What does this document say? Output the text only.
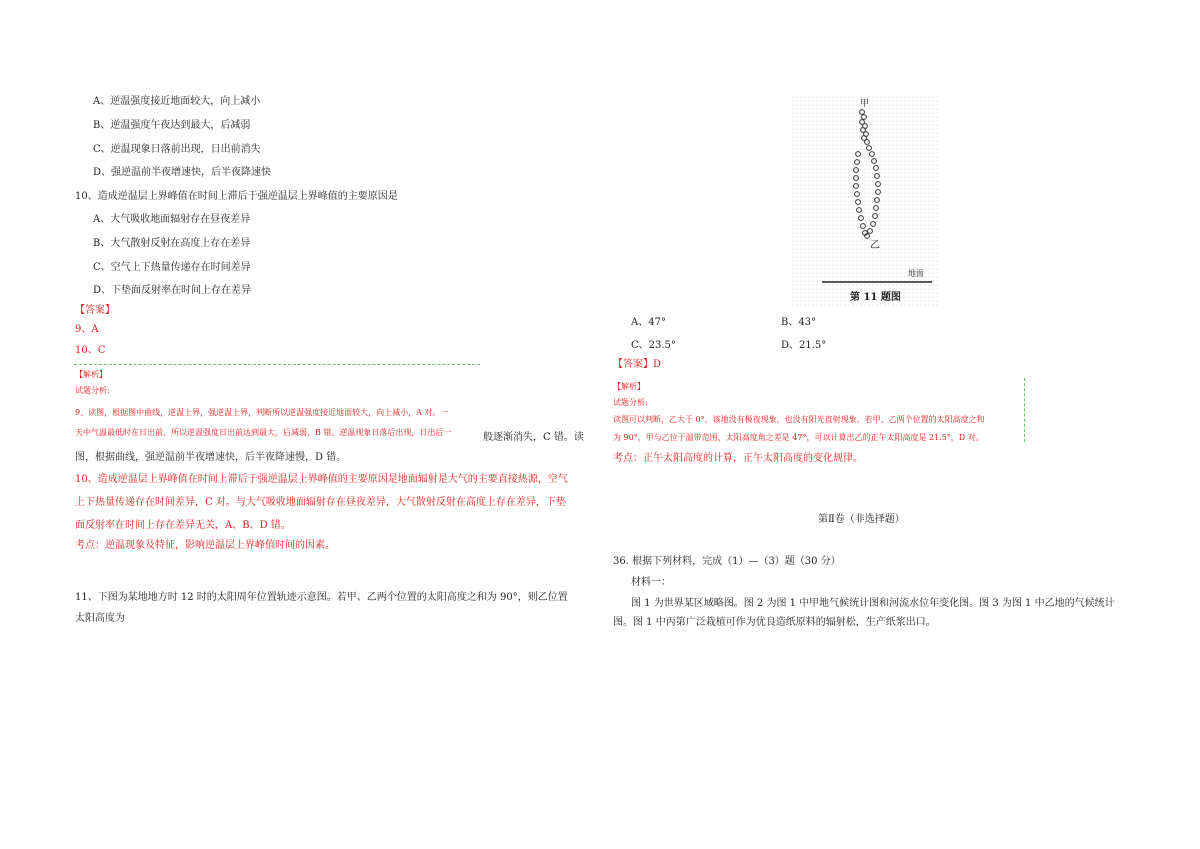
A、逆温强度接近地面较大，向上减小
B、逆温强度午夜达到最大，后减弱
C、逆温现象日落前出现，日出前消失
D、强逆温前半夜增速快，后半夜降速快
10、造成逆温层上界峰值在时间上滞后于强逆温层上界峰值的主要原因是
A、大气吸收地面辐射存在昼夜差异
B、大气散射反射在高度上存在差异
C、空气上下热量传递存在时间差异
D、下垫面反射率在时间上存在差异
【答案】
9、A
10、C
【解析】
试题分析:
9、读图，根据图中曲线，逆温上界，强逆温上界，判断所以逆温强度接近地面较大，向上减小，A 对。一
天中气温最低时在日出前，所以逆温强度日出前达到最大，后减弱，B 错。逆温现象日落后出现，日出后一	般逐渐消失，C 错。读
图，根据曲线，强逆温前半夜增速快，后半夜降速慢，D 错。
10、造成逆温层上界峰值在时间上滞后于强逆温层上界峰值的主要原因是地面辐射是大气的主要直接热源，空气
上下热量传递存在时间差异，C 对。与大气吸收地面辐射存在昼夜差异，大气散射反射在高度上存在差异，下垫
面反射率在时间上存在差异无关，A、B、D 错。
考点：逆温现象及特征，影响逆温层上界峰值时间的因素。
11、下图为某地地方时 12 时的太阳周年位置轨迹示意图。若甲、乙两个位置的太阳高度之和为 90°，则乙位置
太阳高度为
甲
乙
地面
第 11 题图
A、47°	B、43°
C、23.5°	D、21.5°
【答案】D
【解析】
试题分析:
读图可以判断，乙大于 0°，该地没有极夜现象，也没有阳光直射现象。若甲、乙两个位置的太阳高度之和
为 90°，甲与乙位于温带范围，太阳高度角之差是 47°，可以计算出乙的正午太阳高度是 21.5°，D 对。
考点：正午太阳高度的计算，正午太阳高度的变化规律。
第Ⅱ卷（非选择题）
36. 根据下列材料，完成（1）—（3）题（30 分）
材料一：
图 1 为世界某区域略图。图 2 为图 1 中甲地气候统计图和河流水位年变化图。图 3 为图 1 中乙地的气候统计
图。图 1 中丙第广泛栽植可作为优良造纸原料的辐射松，生产纸浆出口。
